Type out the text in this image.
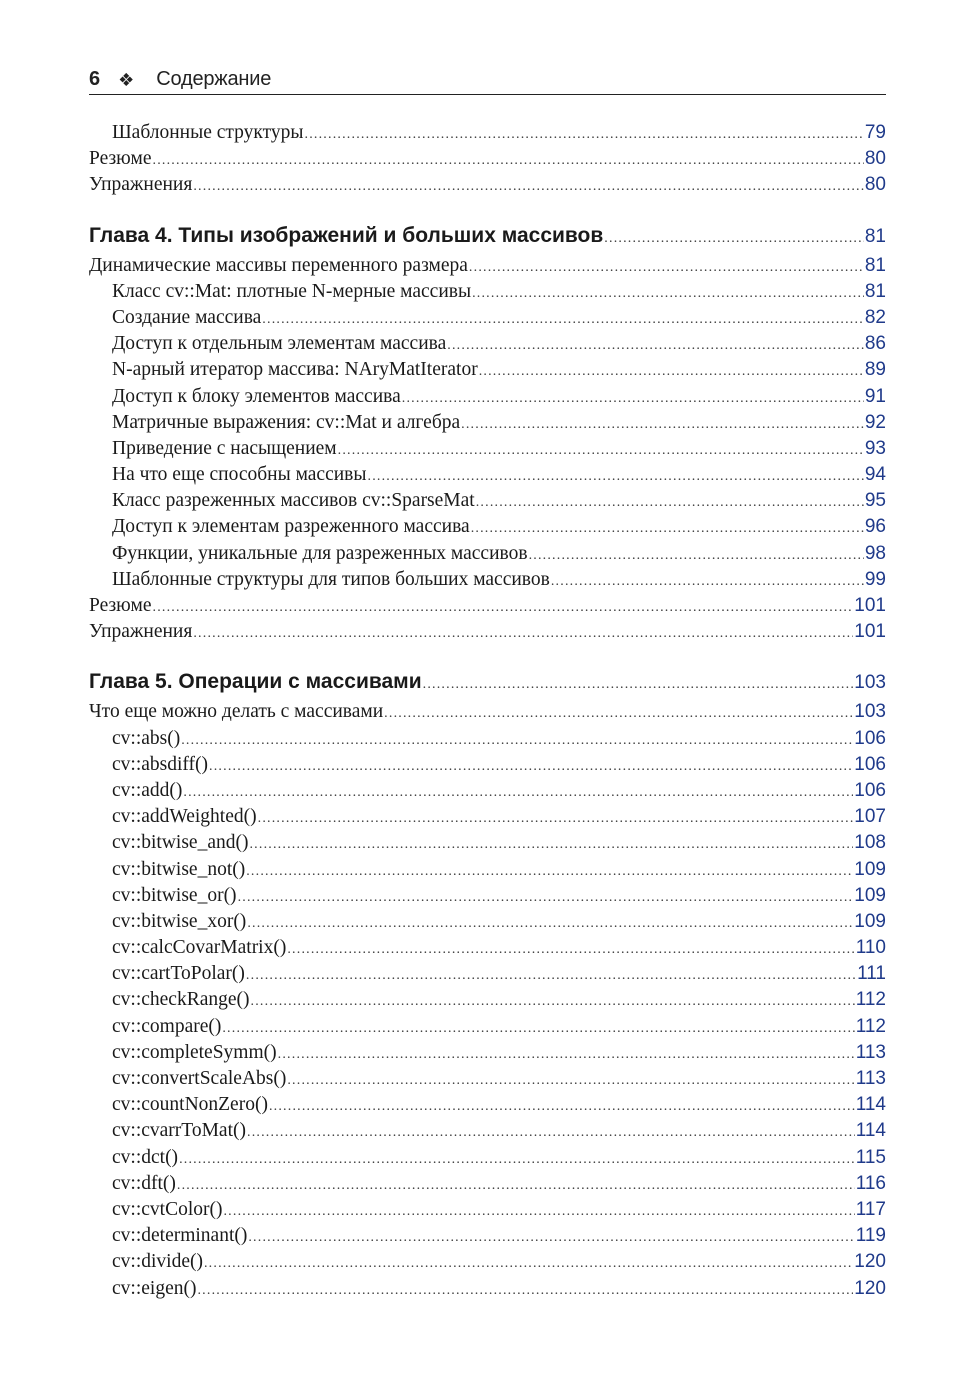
6 ❖ Содержание
Шаблонные структуры .....	79
Резюме .....	80
Упражнения .....	80
Глава 4. Типы изображений и больших массивов .....	81
Динамические массивы переменного размера .....	81
Класс cv::Mat: плотные N-мерные массивы .....	81
Создание массива .....	82
Доступ к отдельным элементам массива .....	86
N-арный итератор массива: NAryMatIterator .....	89
Доступ к блоку элементов массива .....	91
Матричные выражения: cv::Mat и алгебра .....	92
Приведение с насыщением .....	93
На что еще способны массивы .....	94
Класс разреженных массивов cv::SparseMat .....	95
Доступ к элементам разреженного массива .....	96
Функции, уникальные для разреженных массивов .....	98
Шаблонные структуры для типов больших массивов .....	99
Резюме .....	101
Упражнения .....	101
Глава 5. Операции с массивами .....	103
Что еще можно делать с массивами .....	103
cv::abs() .....	106
cv::absdiff() .....	106
cv::add() .....	106
cv::addWeighted() .....	107
cv::bitwise_and() .....	108
cv::bitwise_not() .....	109
cv::bitwise_or() .....	109
cv::bitwise_xor() .....	109
cv::calcCovarMatrix() .....	110
cv::cartToPolar() .....	111
cv::checkRange() .....	112
cv::compare() .....	112
cv::completeSymm() .....	113
cv::convertScaleAbs() .....	113
cv::countNonZero() .....	114
cv::cvarrToMat() .....	114
cv::dct() .....	115
cv::dft() .....	116
cv::cvtColor() .....	117
cv::determinant() .....	119
cv::divide() .....	120
cv::eigen() .....	120
